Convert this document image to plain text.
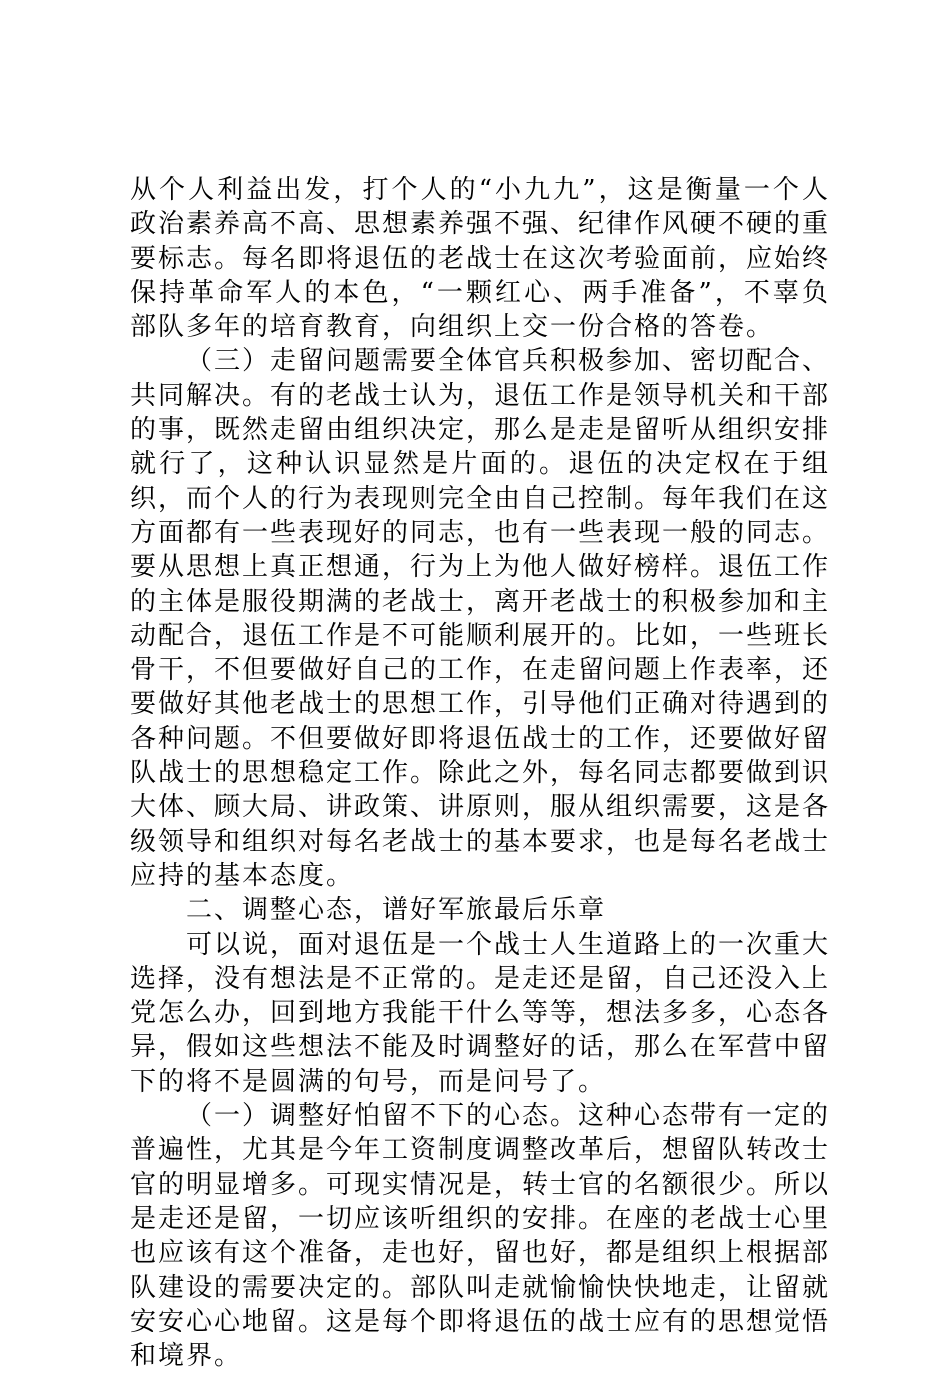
从个人利益出发，打个人的“小九九”，这是衡量一个人政治素养高不高、思想素养强不强、纪律作风硬不硬的重要标志。每名即将退伍的老战士在这次考验面前，应始终保持革命军人的本色，“一颗红心、两手准备”，不辜负部队多年的培育教育，向组织上交一份合格的答卷。

（三）走留问题需要全体官兵积极参加、密切配合、共同解决。有的老战士认为，退伍工作是领导机关和干部的事，既然走留由组织决定，那么是走是留听从组织安排就行了，这种认识显然是片面的。退伍的决定权在于组织，而个人的行为表现则完全由自己控制。每年我们在这方面都有一些表现好的同志，也有一些表现一般的同志。要从思想上真正想通，行为上为他人做好榜样。退伍工作的主体是服役期满的老战士，离开老战士的积极参加和主动配合，退伍工作是不可能顺利展开的。比如，一些班长骨干，不但要做好自己的工作，在走留问题上作表率，还要做好其他老战士的思想工作，引导他们正确对待遇到的各种问题。不但要做好即将退伍战士的工作，还要做好留队战士的思想稳定工作。除此之外，每名同志都要做到识大体、顾大局、讲政策、讲原则，服从组织需要，这是各级领导和组织对每名老战士的基本要求，也是每名老战士应持的基本态度。

二、调整心态，谱好军旅最后乐章

可以说，面对退伍是一个战士人生道路上的一次重大选择，没有想法是不正常的。是走还是留，自己还没入上党怎么办，回到地方我能干什么等等，想法多多，心态各异，假如这些想法不能及时调整好的话，那么在军营中留下的将不是圆满的句号，而是问号了。

（一）调整好怕留不下的心态。这种心态带有一定的普遍性，尤其是今年工资制度调整改革后，想留队转改士官的明显增多。可现实情况是，转士官的名额很少。所以是走还是留，一切应该听组织的安排。在座的老战士心里也应该有这个准备，走也好，留也好，都是组织上根据部队建设的需要决定的。部队叫走就愉愉快快地走，让留就安安心心地留。这是每个即将退伍的战士应有的思想觉悟和境界。
